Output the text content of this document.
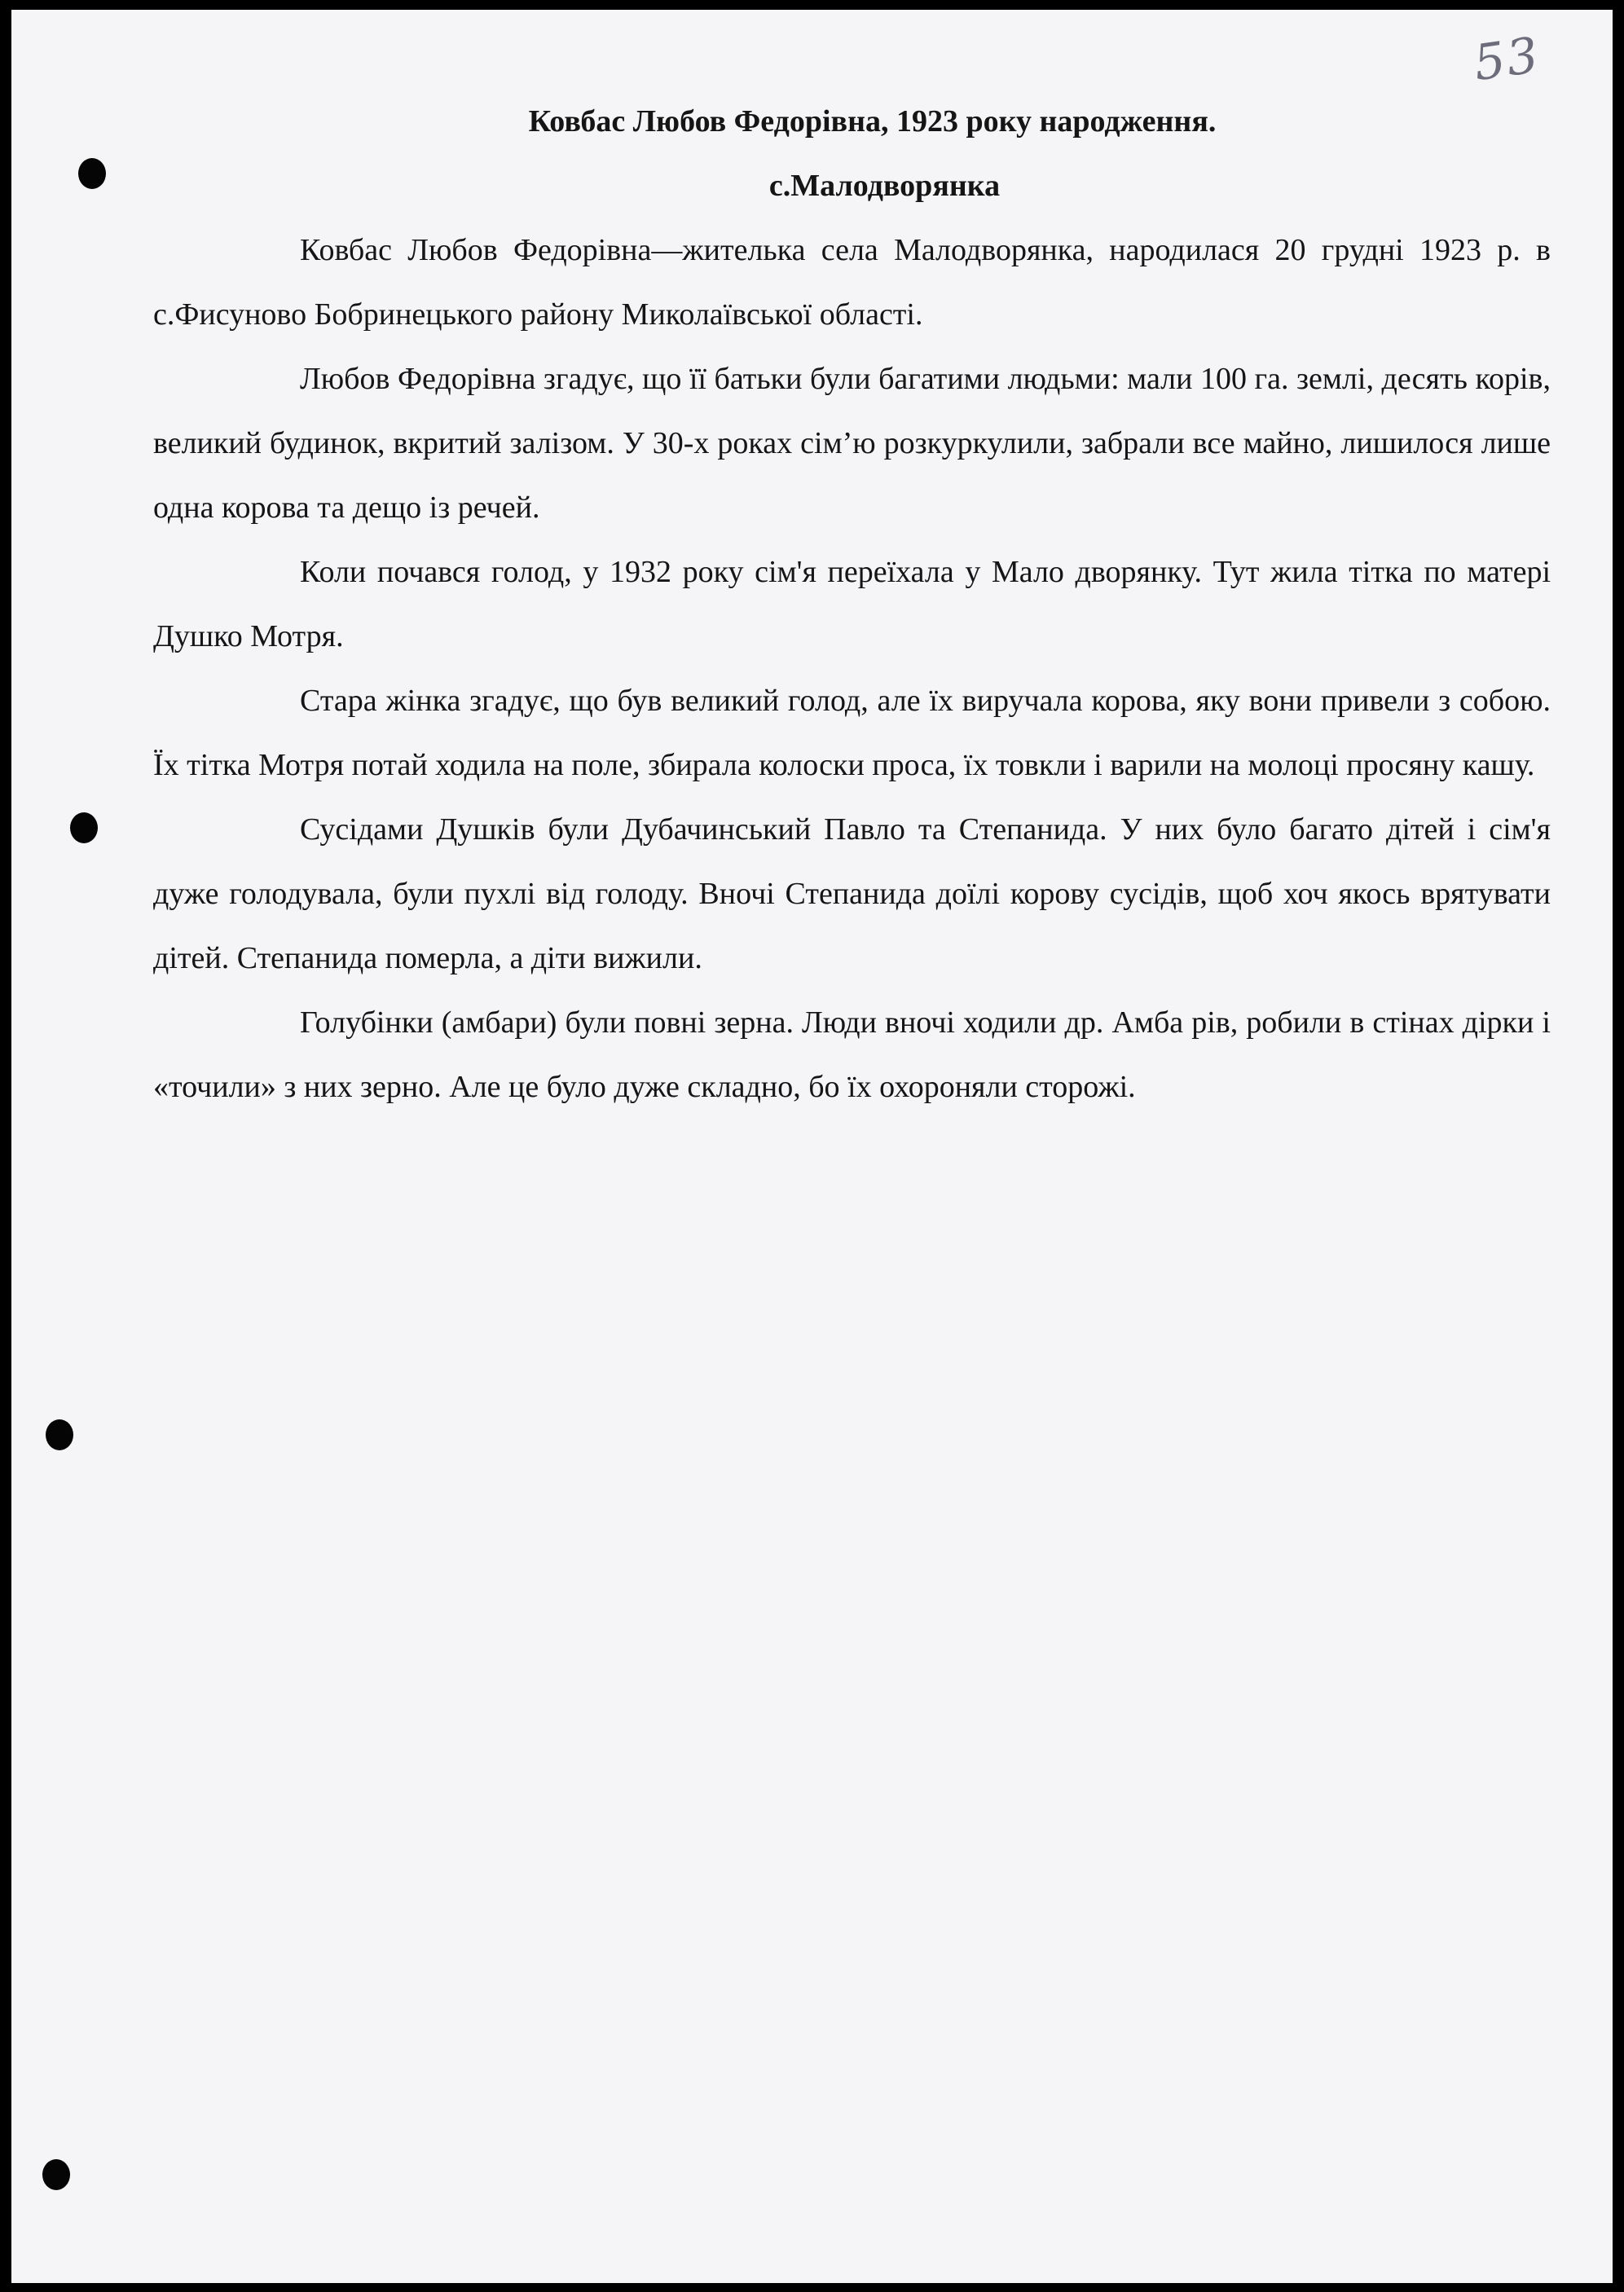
53
Ковбас Любов Федорівна, 1923 року народження.
с.Малодворянка

Ковбас Любов Федорівна—жителька села Малодворянка, народилася 20 грудні 1923 р. в с.Фисуново Бобринецького району Миколаївської області.

Любов Федорівна згадує, що її батьки були багатими людьми: мали 100 га. землі, десять корів, великий будинок, вкритий залізом. У 30-х роках сім’ю розкуркулили, забрали все майно, лишилося лише одна корова та дещо із речей.

Коли почався голод, у 1932 року сім'я переїхала у Мало дворянку. Тут жила тітка по матері Душко Мотря.

Стара жінка згадує, що був великий голод, але їх виручала корова, яку вони привели з собою. Їх тітка Мотря потай ходила на поле, збирала колоски проса, їх товкли і варили на молоці просяну кашу.

Сусідами Душків були Дубачинський Павло та Степанида. У них було багато дітей і сім'я дуже голодувала, були пухлі від голоду. Вночі Степанида доїлі корову сусідів, щоб хоч якось врятувати дітей. Степанида померла, а діти вижили.

Голубінки (амбари) були повні зерна. Люди вночі ходили др. Амба рів, робили в стінах дірки і «точили» з них зерно. Але це було дуже складно, бо їх охороняли сторожі.
